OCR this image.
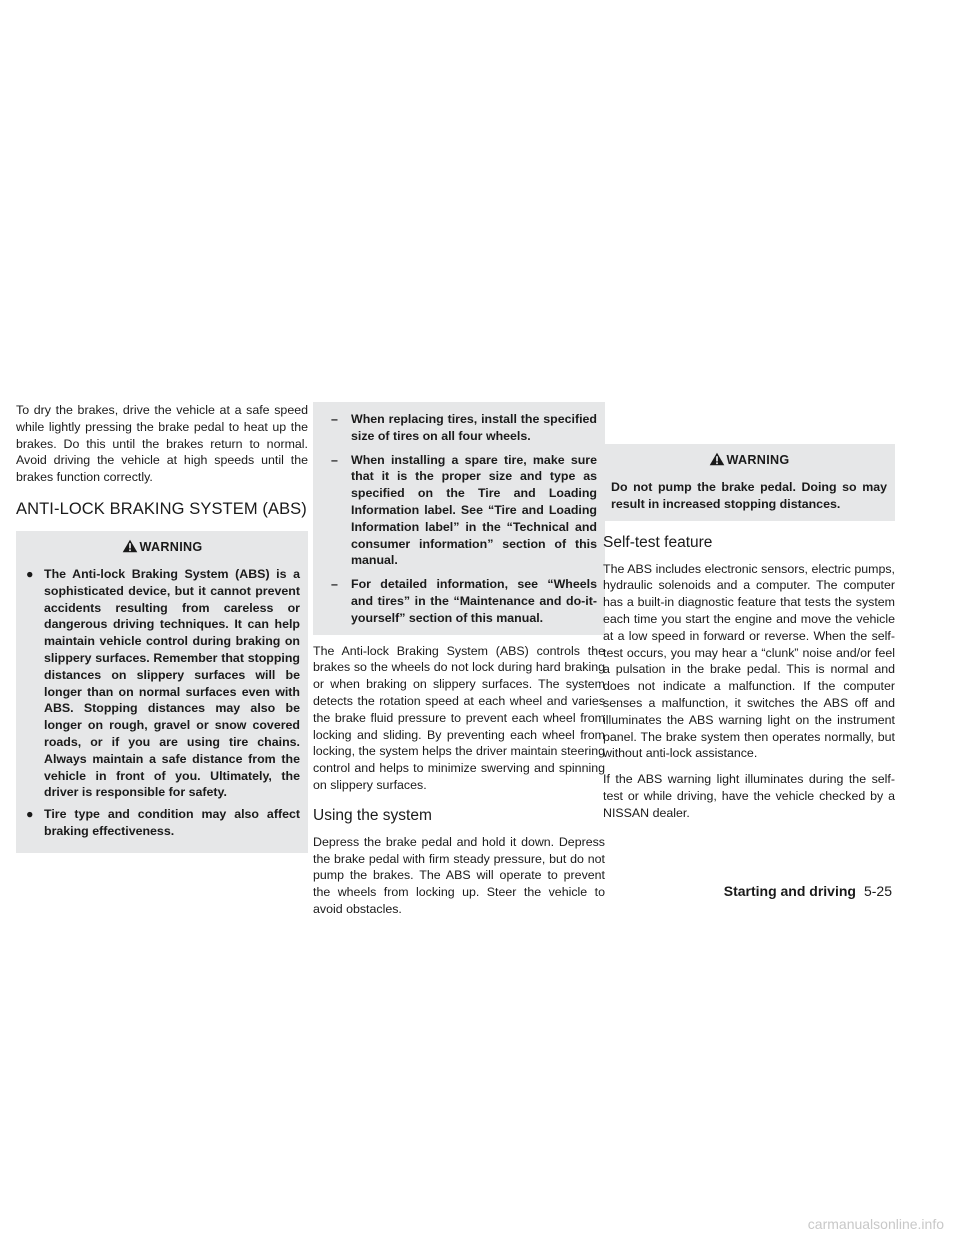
To dry the brakes, drive the vehicle at a safe speed while lightly pressing the brake pedal to heat up the brakes. Do this until the brakes return to normal. Avoid driving the vehicle at high speeds until the brakes function correctly.

ANTI-LOCK BRAKING SYSTEM (ABS)
WARNING
● The Anti-lock Braking System (ABS) is a sophisticated device, but it cannot prevent accidents resulting from careless or dangerous driving techniques. It can help maintain vehicle control during braking on slippery surfaces. Remember that stopping distances on slippery surfaces will be longer than on normal surfaces even with ABS. Stopping distances may also be longer on rough, gravel or snow covered roads, or if you are using tire chains. Always maintain a safe distance from the vehicle in front of you. Ultimately, the driver is responsible for safety.
● Tire type and condition may also affect braking effectiveness.
– When replacing tires, install the specified size of tires on all four wheels.
– When installing a spare tire, make sure that it is the proper size and type as specified on the Tire and Loading Information label. See “Tire and Loading Information label” in the “Technical and consumer information” section of this manual.
– For detailed information, see “Wheels and tires” in the “Maintenance and do-it-yourself” section of this manual.

The Anti-lock Braking System (ABS) controls the brakes so the wheels do not lock during hard braking or when braking on slippery surfaces. The system detects the rotation speed at each wheel and varies the brake fluid pressure to prevent each wheel from locking and sliding. By preventing each wheel from locking, the system helps the driver maintain steering control and helps to minimize swerving and spinning on slippery surfaces.

Using the system

Depress the brake pedal and hold it down. Depress the brake pedal with firm steady pressure, but do not pump the brakes. The ABS will operate to prevent the wheels from locking up. Steer the vehicle to avoid obstacles.

WARNING

Do not pump the brake pedal. Doing so may result in increased stopping distances.

Self-test feature

The ABS includes electronic sensors, electric pumps, hydraulic solenoids and a computer. The computer has a built-in diagnostic feature that tests the system each time you start the engine and move the vehicle at a low speed in forward or reverse. When the self-test occurs, you may hear a “clunk” noise and/or feel a pulsation in the brake pedal. This is normal and does not indicate a malfunction. If the computer senses a malfunction, it switches the ABS off and illuminates the ABS warning light on the instrument panel. The brake system then operates normally, but without anti-lock assistance.

If the ABS warning light illuminates during the self-test or while driving, have the vehicle checked by a NISSAN dealer.

Starting and driving 5-25
carmanualsonline.info
